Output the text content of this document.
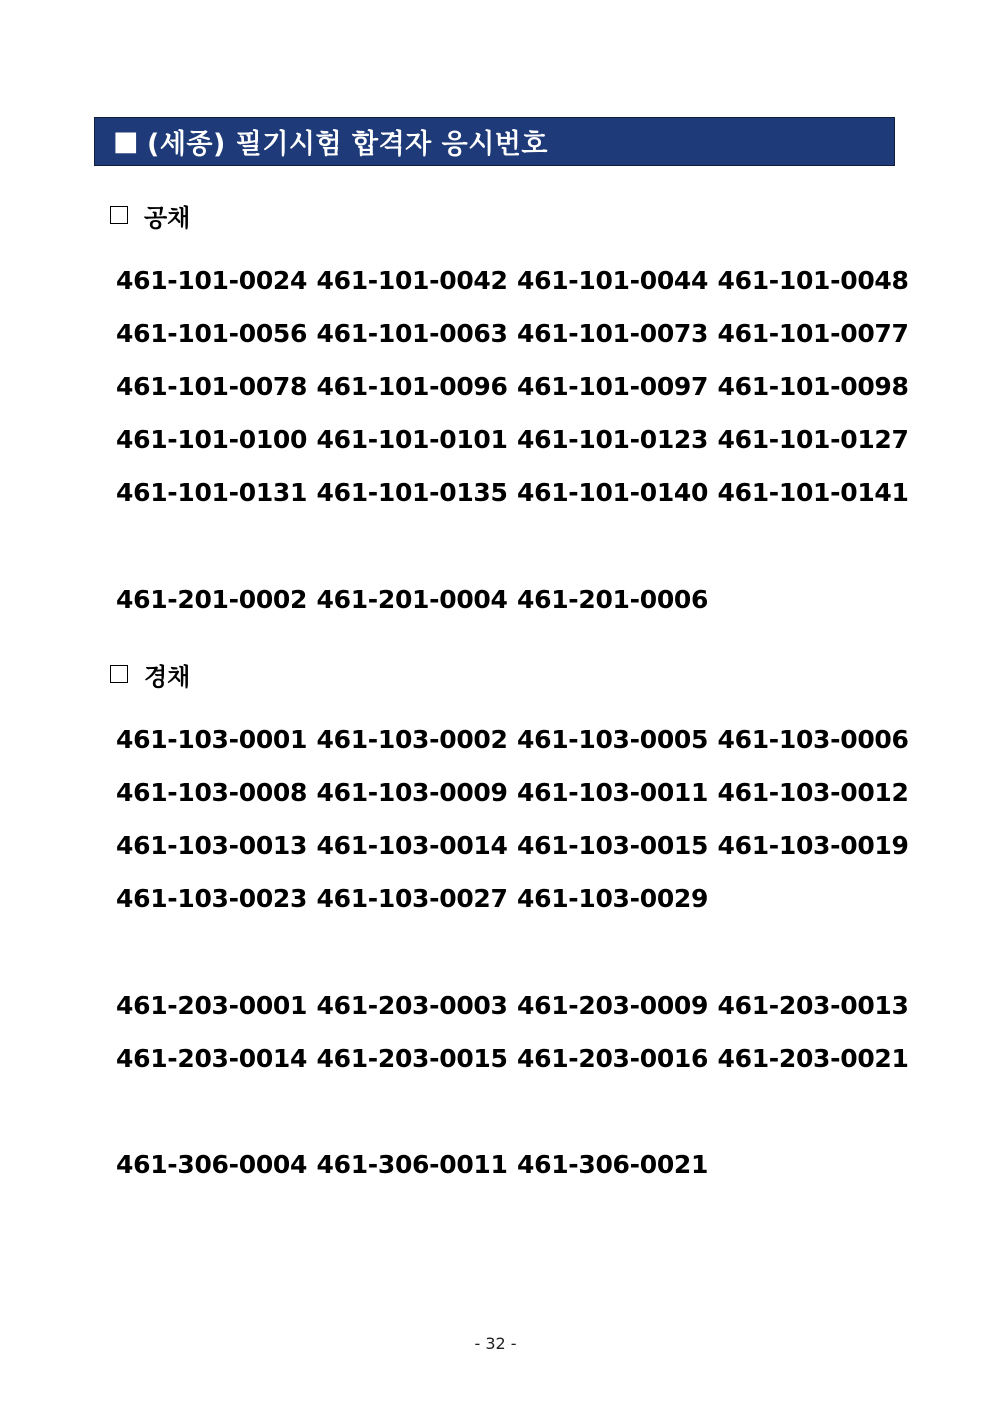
■ (세종) 필기시험 합격자 응시번호
공채
461-101-0024 461-101-0042 461-101-0044 461-101-0048
461-101-0056 461-101-0063 461-101-0073 461-101-0077
461-101-0078 461-101-0096 461-101-0097 461-101-0098
461-101-0100 461-101-0101 461-101-0123 461-101-0127
461-101-0131 461-101-0135 461-101-0140 461-101-0141
461-201-0002 461-201-0004 461-201-0006
경채
461-103-0001 461-103-0002 461-103-0005 461-103-0006
461-103-0008 461-103-0009 461-103-0011 461-103-0012
461-103-0013 461-103-0014 461-103-0015 461-103-0019
461-103-0023 461-103-0027 461-103-0029
461-203-0001 461-203-0003 461-203-0009 461-203-0013
461-203-0014 461-203-0015 461-203-0016 461-203-0021
461-306-0004 461-306-0011 461-306-0021
- 32 -
